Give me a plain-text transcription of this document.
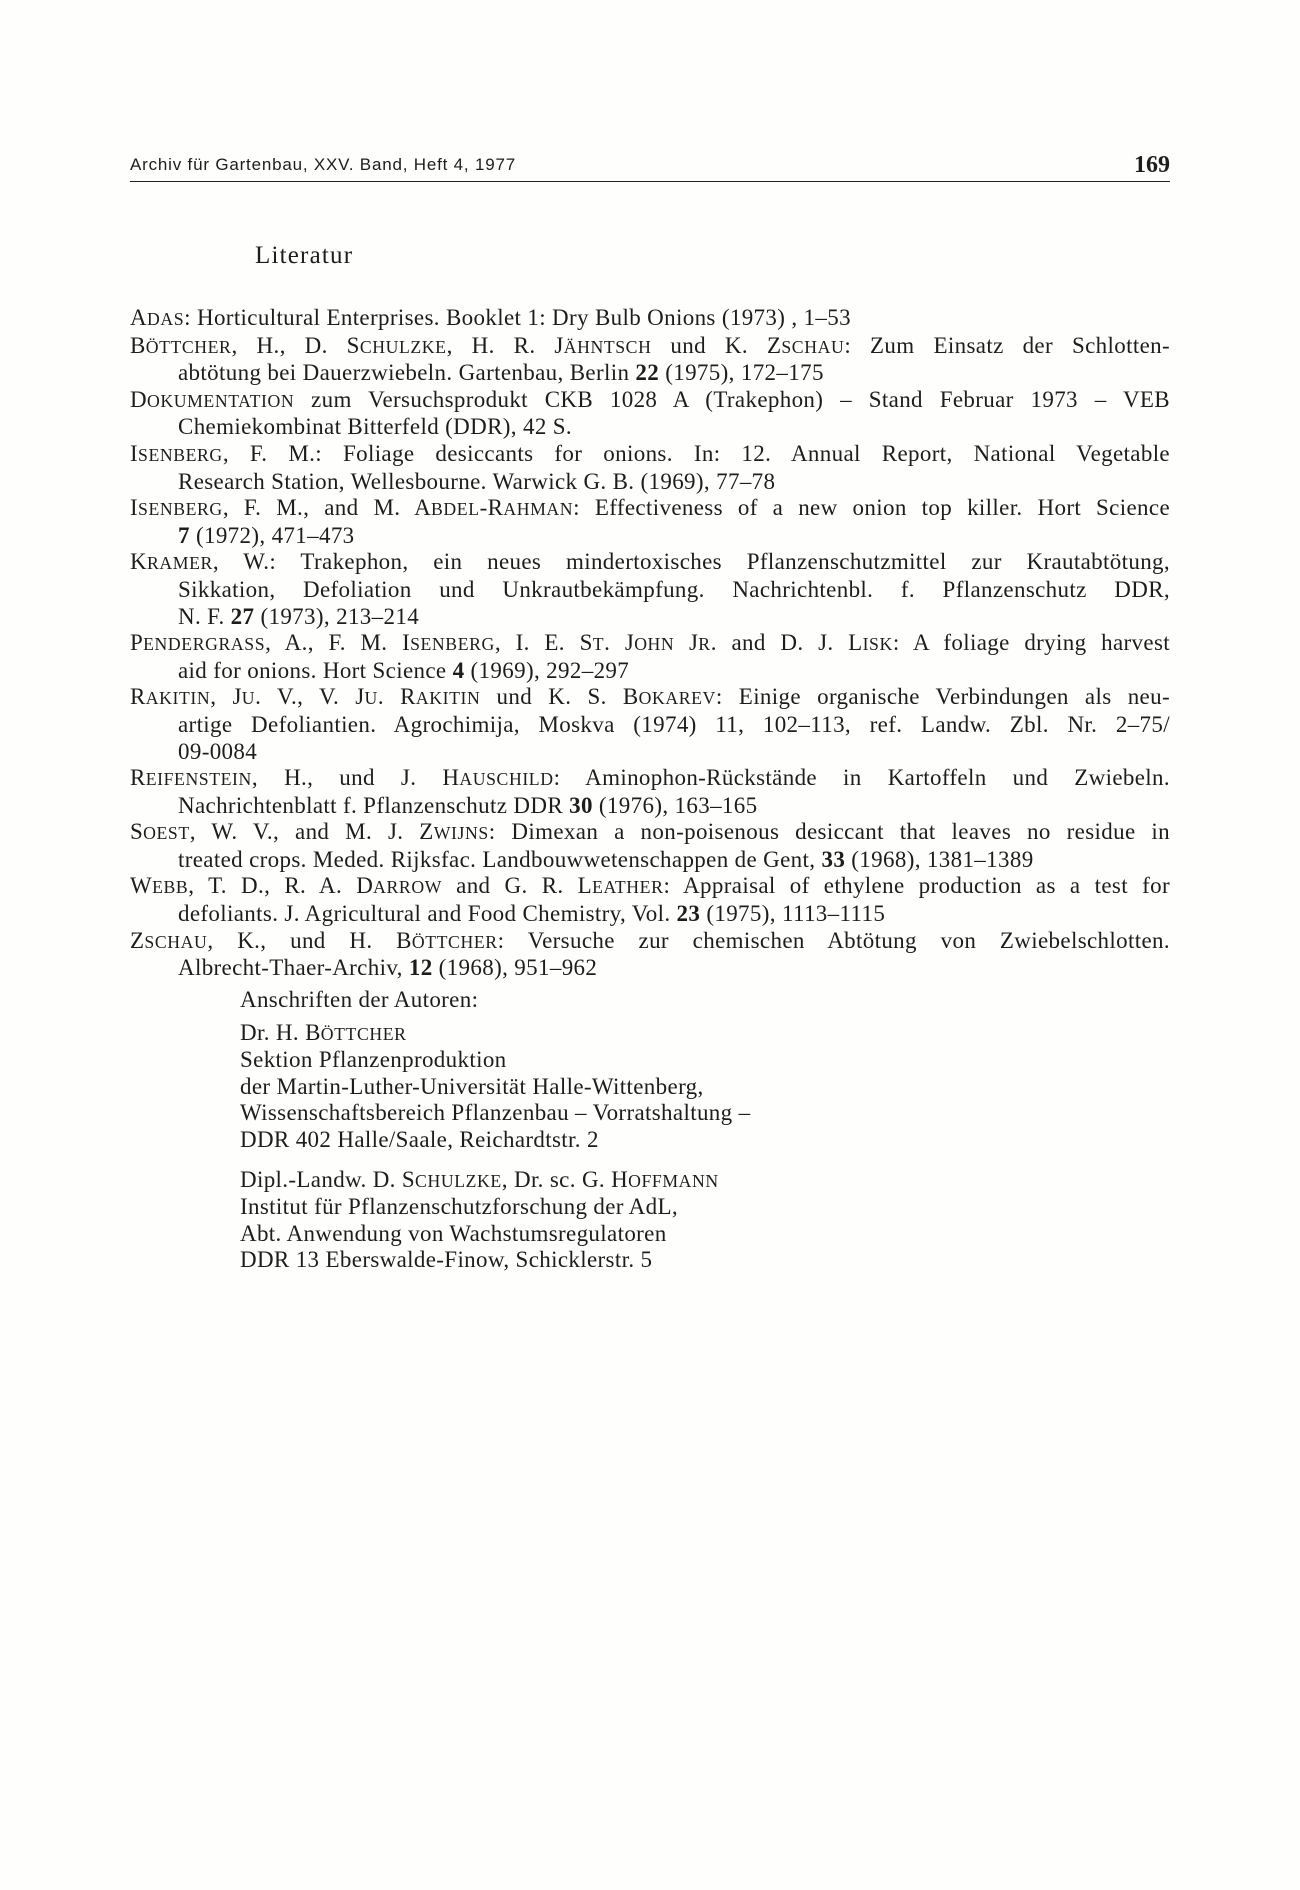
Archiv für Gartenbau, XXV. Band, Heft 4, 1977	169
Literatur
ADAS: Horticultural Enterprises. Booklet 1: Dry Bulb Onions (1973) , 1–53
BÖTTCHER, H., D. SCHULZKE, H. R. JÄHNTSCH und K. ZSCHAU: Zum Einsatz der Schlotten-
abtötung bei Dauerzwiebeln. Gartenbau, Berlin 22 (1975), 172–175
DOKUMENTATION zum Versuchsprodukt CKB 1028 A (Trakephon) – Stand Februar 1973 – VEB
Chemiekombinat Bitterfeld (DDR), 42 S.
ISENBERG, F. M.: Foliage desiccants for onions. In: 12. Annual Report, National Vegetable
Research Station, Wellesbourne. Warwick G. B. (1969), 77–78
ISENBERG, F. M., and M. ABDEL-RAHMAN: Effectiveness of a new onion top killer. Hort Science
7 (1972), 471–473
KRAMER, W.: Trakephon, ein neues mindertoxisches Pflanzenschutzmittel zur Krautabtötung,
Sikkation, Defoliation und Unkrautbekämpfung. Nachrichtenbl. f. Pflanzenschutz DDR,
N. F. 27 (1973), 213–214
PENDERGRASS, A., F. M. ISENBERG, I. E. ST. JOHN JR. and D. J. LISK: A foliage drying harvest
aid for onions. Hort Science 4 (1969), 292–297
RAKITIN, JU. V., V. JU. RAKITIN und K. S. BOKAREV: Einige organische Verbindungen als neu-
artige Defoliantien. Agrochimija, Moskva (1974) 11, 102–113, ref. Landw. Zbl. Nr. 2–75/
09-0084
REIFENSTEIN, H., und J. HAUSCHILD: Aminophon-Rückstände in Kartoffeln und Zwiebeln.
Nachrichtenblatt f. Pflanzenschutz DDR 30 (1976), 163–165
SOEST, W. V., and M. J. ZWIJNS: Dimexan a non-poisenous desiccant that leaves no residue in
treated crops. Meded. Rijksfac. Landbouwwetenschappen de Gent, 33 (1968), 1381–1389
WEBB, T. D., R. A. DARROW and G. R. LEATHER: Appraisal of ethylene production as a test for
defoliants. J. Agricultural and Food Chemistry, Vol. 23 (1975), 1113–1115
ZSCHAU, K., und H. BÖTTCHER: Versuche zur chemischen Abtötung von Zwiebelschlotten.
Albrecht-Thaer-Archiv, 12 (1968), 951–962
Anschriften der Autoren:
Dr. H. BÖTTCHER
Sektion Pflanzenproduktion
der Martin-Luther-Universität Halle-Wittenberg,
Wissenschaftsbereich Pflanzenbau – Vorratshaltung –
DDR 402 Halle/Saale, Reichardtstr. 2
Dipl.-Landw. D. SCHULZKE, Dr. sc. G. HOFFMANN
Institut für Pflanzenschutzforschung der AdL,
Abt. Anwendung von Wachstumsregulatoren
DDR 13 Eberswalde-Finow, Schicklerstr. 5
